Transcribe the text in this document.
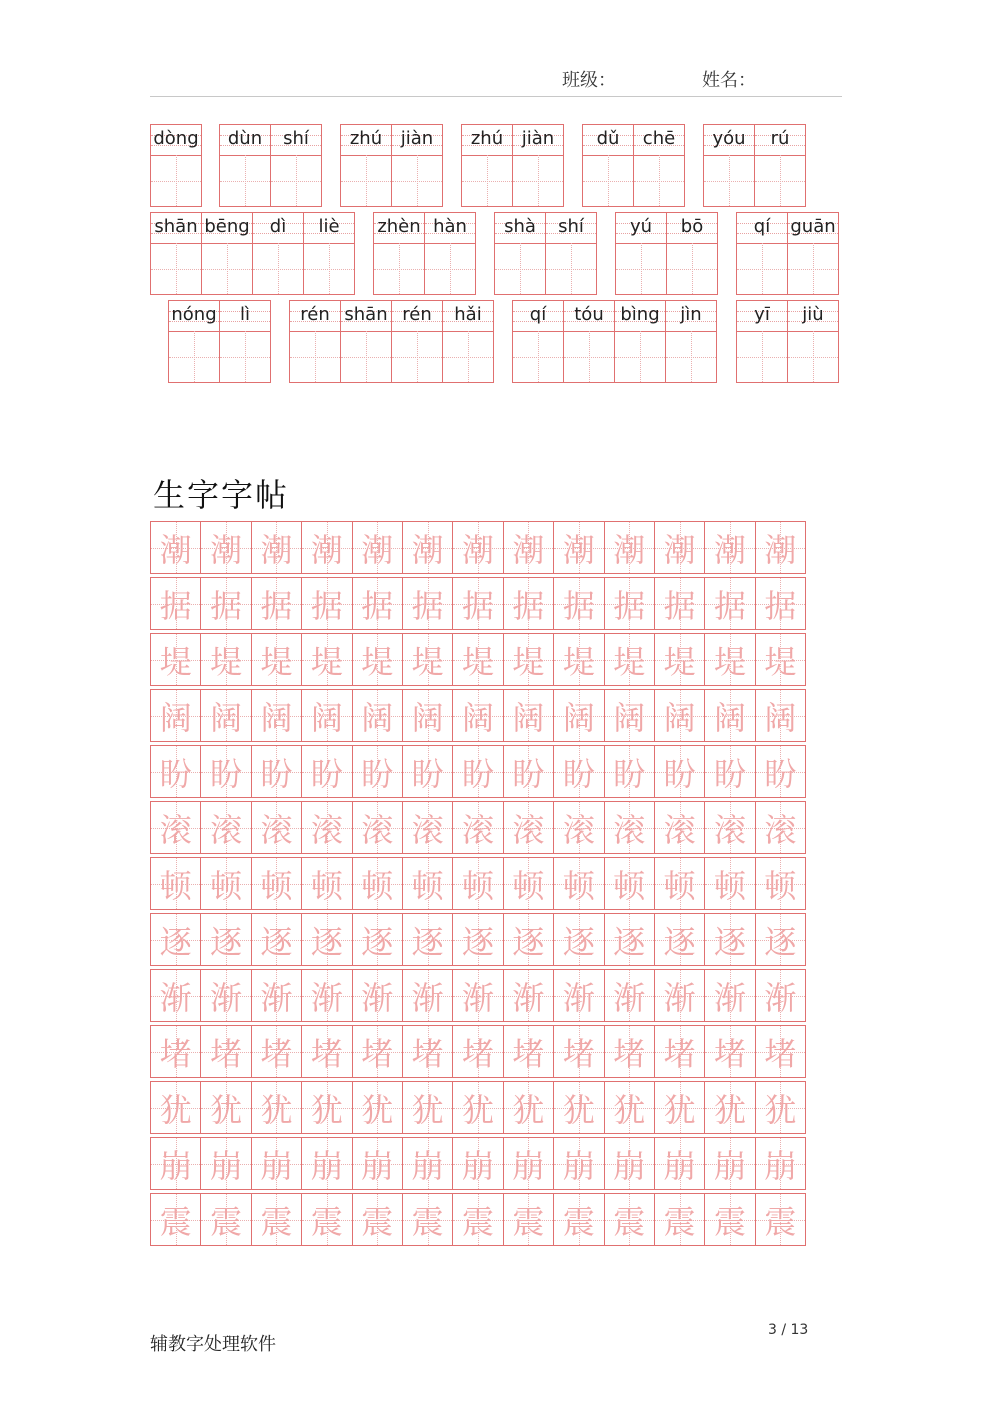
班级：	姓名：
dòng	dùn	shí	zhú	jiàn	zhú	jiàn	dǔ	chē	yóu	rú
shān bēng	dì	liè	zhèn hàn	shà	shí	yú	bō	qí	guān
nóng	lì	rén shān rén	hǎi	qí	tóu bìng	jìn	yī	jiù
生字字帖
潮 潮 潮 潮 潮 潮 潮 潮 潮 潮 潮 潮 潮
据 据 据 据 据 据 据 据 据 据 据 据 据
堤 堤 堤 堤 堤 堤 堤 堤 堤 堤 堤 堤 堤
阔 阔 阔 阔 阔 阔 阔 阔 阔 阔 阔 阔 阔
盼 盼 盼 盼 盼 盼 盼 盼 盼 盼 盼 盼 盼
滚 滚 滚 滚 滚 滚 滚 滚 滚 滚 滚 滚 滚
顿 顿 顿 顿 顿 顿 顿 顿 顿 顿 顿 顿 顿
逐 逐 逐 逐 逐 逐 逐 逐 逐 逐 逐 逐 逐
渐 渐 渐 渐 渐 渐 渐 渐 渐 渐 渐 渐 渐
堵 堵 堵 堵 堵 堵 堵 堵 堵 堵 堵 堵 堵
犹 犹 犹 犹 犹 犹 犹 犹 犹 犹 犹 犹 犹
崩 崩 崩 崩 崩 崩 崩 崩 崩 崩 崩 崩 崩
震 震 震 震 震 震 震 震 震 震 震 震 震
辅教字处理软件
3 / 13
